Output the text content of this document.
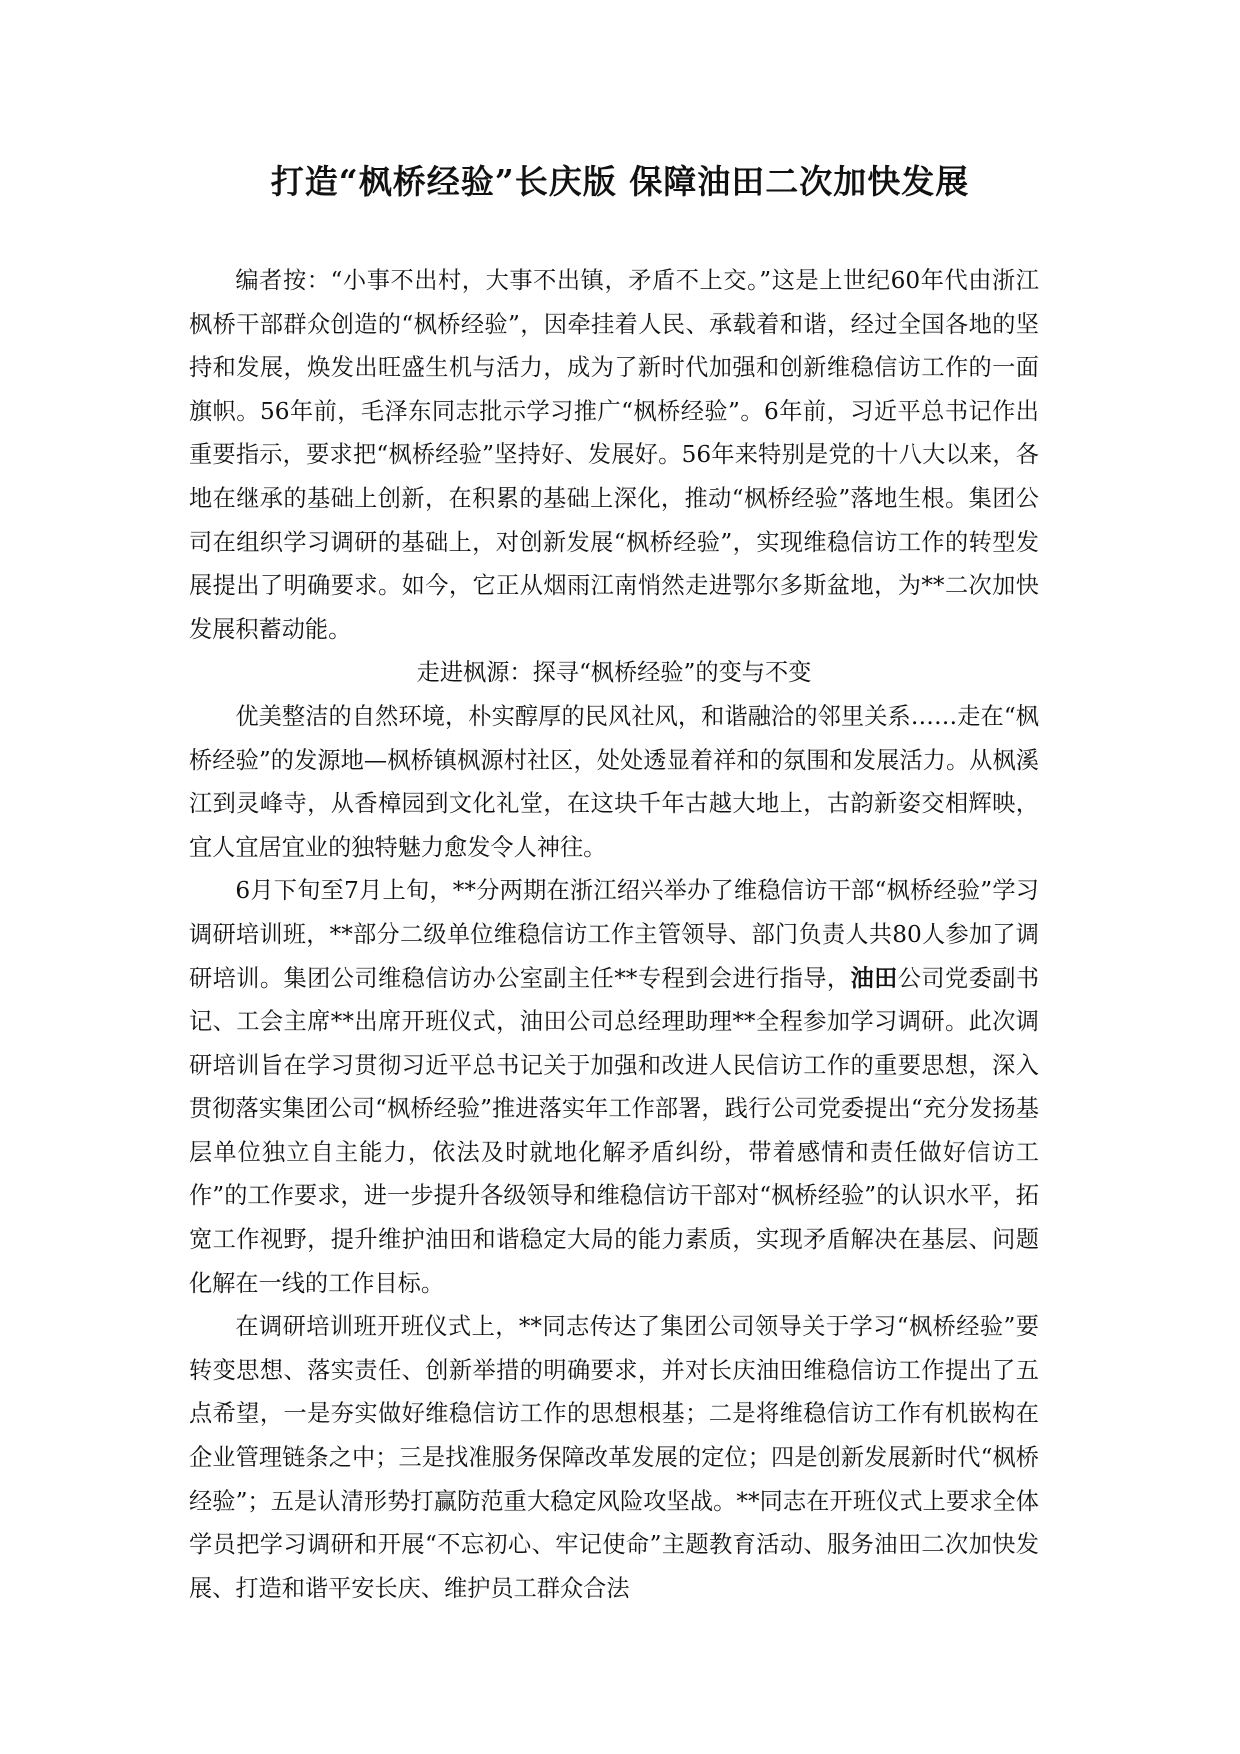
打造“枫桥经验”长庆版 保障油田二次加快发展

编者按：“小事不出村，大事不出镇，矛盾不上交。”这是上世纪60年代由浙江枫桥干部群众创造的“枫桥经验”，因牵挂着人民、承载着和谐，经过全国各地的坚持和发展，焕发出旺盛生机与活力，成为了新时代加强和创新维稳信访工作的一面旗帜。56年前，毛泽东同志批示学习推广“枫桥经验”。6年前，习近平总书记作出重要指示，要求把“枫桥经验”坚持好、发展好。56年来特别是党的十八大以来，各地在继承的基础上创新，在积累的基础上深化，推动“枫桥经验”落地生根。集团公司在组织学习调研的基础上，对创新发展“枫桥经验”，实现维稳信访工作的转型发展提出了明确要求。如今，它正从烟雨江南悄然走进鄂尔多斯盆地，为**二次加快发展积蓄动能。

走进枫源：探寻“枫桥经验”的变与不变

优美整洁的自然环境，朴实醇厚的民风社风，和谐融洽的邻里关系……走在“枫桥经验”的发源地—枫桥镇枫源村社区，处处透显着祥和的氛围和发展活力。从枫溪江到灵峰寺，从香樟园到文化礼堂，在这块千年古越大地上，古韵新姿交相辉映，宜人宜居宜业的独特魅力愈发令人神往。

6月下旬至7月上旬，**分两期在浙江绍兴举办了维稳信访干部“枫桥经验”学习调研培训班，**部分二级单位维稳信访工作主管领导、部门负责人共80人参加了调研培训。集团公司维稳信访办公室副主任**专程到会进行指导，油田公司党委副书记、工会主席**出席开班仪式，油田公司总经理助理**全程参加学习调研。此次调研培训旨在学习贯彻习近平总书记关于加强和改进人民信访工作的重要思想，深入贯彻落实集团公司“枫桥经验”推进落实年工作部署，践行公司党委提出“充分发扬基层单位独立自主能力，依法及时就地化解矛盾纠纷，带着感情和责任做好信访工作”的工作要求，进一步提升各级领导和维稳信访干部对“枫桥经验”的认识水平，拓宽工作视野，提升维护油田和谐稳定大局的能力素质，实现矛盾解决在基层、问题化解在一线的工作目标。

在调研培训班开班仪式上，**同志传达了集团公司领导关于学习“枫桥经验”要转变思想、落实责任、创新举措的明确要求，并对长庆油田维稳信访工作提出了五点希望，一是夯实做好维稳信访工作的思想根基；二是将维稳信访工作有机嵌构在企业管理链条之中；三是找准服务保障改革发展的定位；四是创新发展新时代“枫桥经验”；五是认清形势打赢防范重大稳定风险攻坚战。**同志在开班仪式上要求全体学员把学习调研和开展“不忘初心、牢记使命”主题教育活动、服务油田二次加快发展、打造和谐平安长庆、维护员工群众合法
